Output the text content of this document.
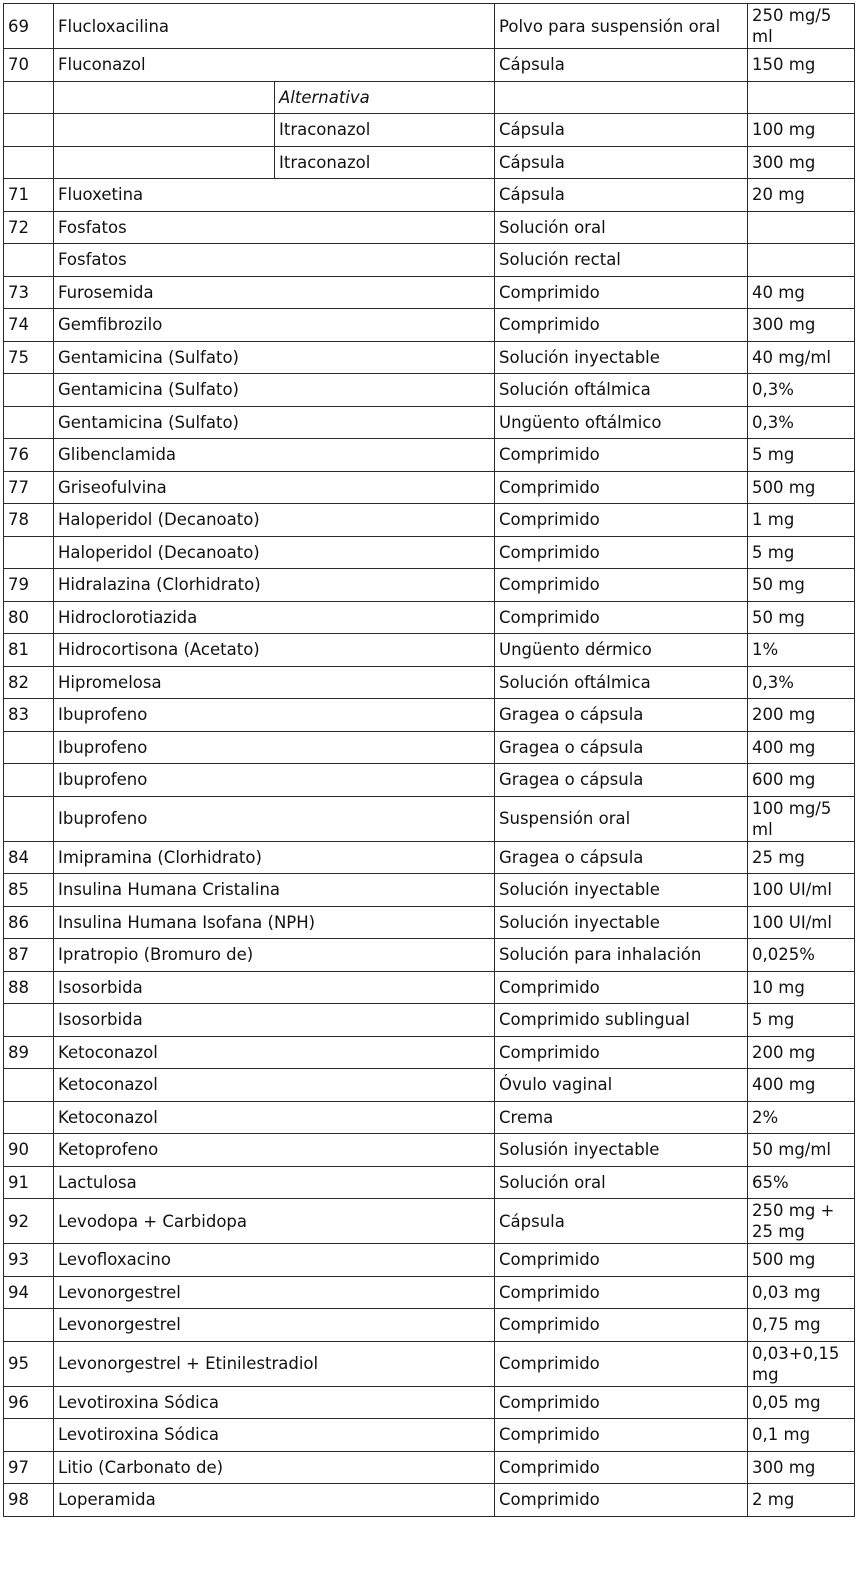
69	Flucloxacilina		Polvo para suspensión oral	250 mg/5 ml
70	Fluconazol		Cápsula	150 mg
		Alternativa		
		Itraconazol	Cápsula	100 mg
		Itraconazol	Cápsula	300 mg
71	Fluoxetina		Cápsula	20 mg
72	Fosfatos		Solución oral	
	Fosfatos		Solución rectal	
73	Furosemida		Comprimido	40 mg
74	Gemfibrozilo		Comprimido	300 mg
75	Gentamicina (Sulfato)		Solución inyectable	40 mg/ml
	Gentamicina (Sulfato)		Solución oftálmica	0,3%
	Gentamicina (Sulfato)		Ungüento oftálmico	0,3%
76	Glibenclamida		Comprimido	5 mg
77	Griseofulvina		Comprimido	500 mg
78	Haloperidol (Decanoato)		Comprimido	1 mg
	Haloperidol (Decanoato)		Comprimido	5 mg
79	Hidralazina (Clorhidrato)		Comprimido	50 mg
80	Hidroclorotiazida		Comprimido	50 mg
81	Hidrocortisona (Acetato)		Ungüento dérmico	1%
82	Hipromelosa		Solución oftálmica	0,3%
83	Ibuprofeno		Gragea o cápsula	200 mg
	Ibuprofeno		Gragea o cápsula	400 mg
	Ibuprofeno		Gragea o cápsula	600 mg
	Ibuprofeno		Suspensión oral	100 mg/5 ml
84	Imipramina (Clorhidrato)		Gragea o cápsula	25 mg
85	Insulina Humana Cristalina		Solución inyectable	100 UI/ml
86	Insulina Humana Isofana (NPH)		Solución inyectable	100 UI/ml
87	Ipratropio (Bromuro de)		Solución para inhalación	0,025%
88	Isosorbida		Comprimido	10 mg
	Isosorbida		Comprimido sublingual	5 mg
89	Ketoconazol		Comprimido	200 mg
	Ketoconazol		Óvulo vaginal	400 mg
	Ketoconazol		Crema	2%
90	Ketoprofeno		Solusión inyectable	50 mg/ml
91	Lactulosa		Solución oral	65%
92	Levodopa + Carbidopa		Cápsula	250 mg + 25 mg
93	Levofloxacino		Comprimido	500 mg
94	Levonorgestrel		Comprimido	0,03 mg
	Levonorgestrel		Comprimido	0,75 mg
95	Levonorgestrel + Etinilestradiol		Comprimido	0,03+0,15 mg
96	Levotiroxina Sódica		Comprimido	0,05 mg
	Levotiroxina Sódica		Comprimido	0,1 mg
97	Litio (Carbonato de)		Comprimido	300 mg
98	Loperamida		Comprimido	2 mg
